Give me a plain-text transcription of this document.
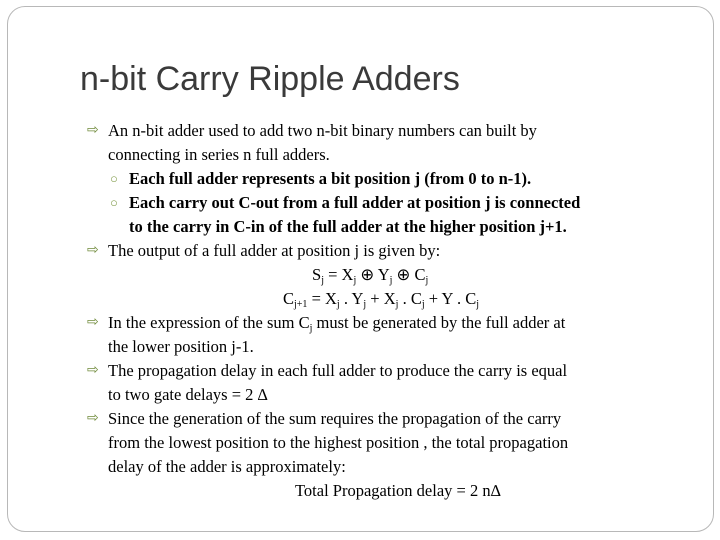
n-bit Carry Ripple Adders
⇨ An n-bit adder used to add two n-bit binary numbers can built by
connecting in series n full adders.
○ Each full adder represents a bit position j (from 0 to n-1).
○ Each carry out C-out from a full adder at position j is connected
to the carry in C-in of the full adder at the higher position j+1.
⇨ The output of a full adder at position j is given by:
$S_j = X_j$ ⊕ $Y_j$ ⊕ $C_j$
$C_{j+1} = X_j$ . $Y_j + X_j$ . $C_j + Y$ . $C_j$
⇨ In the expression of the sum $C_j$ must be generated by the full adder at
the lower position j-1.
⇨ The propagation delay in each full adder to produce the carry is equal
to two gate delays = 2 ∆
⇨ Since the generation of the sum requires the propagation of the carry
from the lowest position to the highest position , the total propagation
delay of the adder is approximately:
Total Propagation delay = 2 n∆
